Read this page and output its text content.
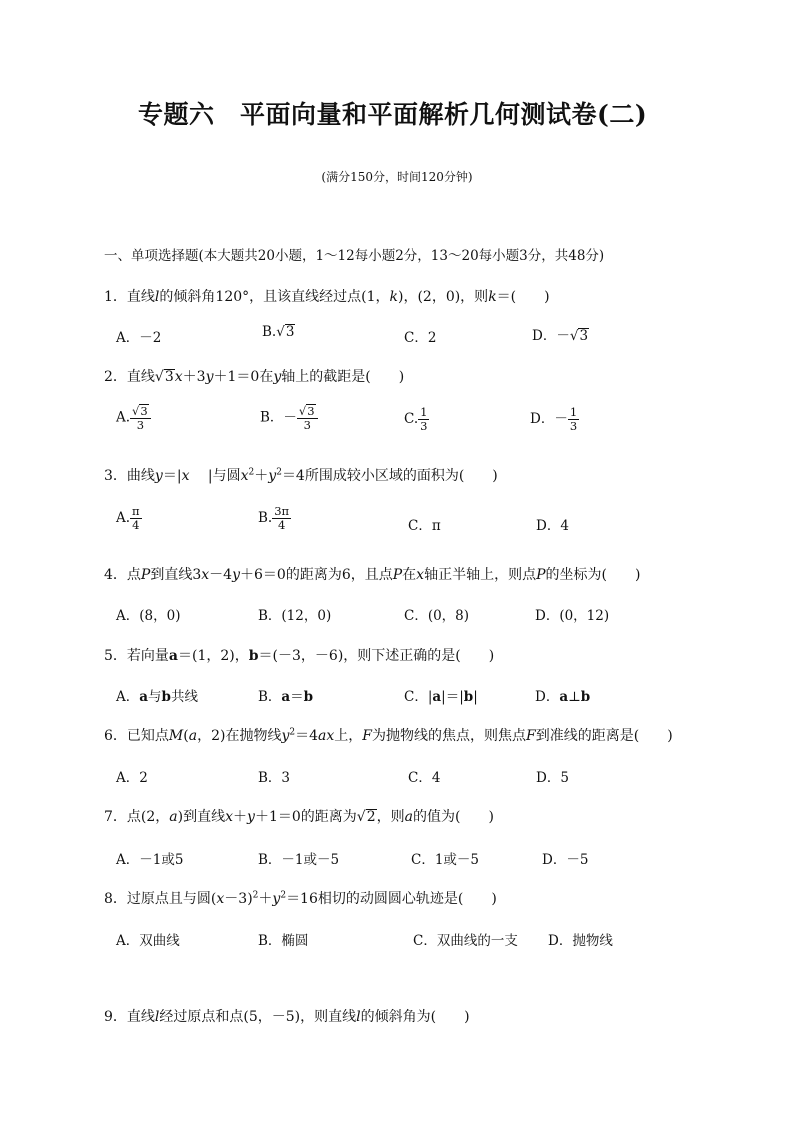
专题六　平面向量和平面解析几何测试卷(二)
(满分150分，时间120分钟)
一、单项选择题(本大题共20小题，1～12每小题2分，13～20每小题3分，共48分)
1．直线l的倾斜角120°，且该直线经过点(1，k)，(2，0)，则k＝(　　)
A．－2	B.√3	C．2	D．－√3
2．直线√3x＋3y＋1＝0在y轴上的截距是(　　)
A. $\frac{√3}{3}$	B．－ $\frac{√3}{3}$	C. $\frac{1}{3}$	D．－ $\frac{1}{3}$
3．曲线y＝|x　 |与圆$x^2+y^2=4$所围成较小区域的面积为(　　)
A. $\frac{\pi}{4}$	B. $\frac{3\pi}{4}$	C．π	D．4
4．点P到直线3x－4y＋6＝0的距离为6，且点P在x轴正半轴上，则点P的坐标为(　　)
A．(8，0)	B．(12，0)	C．(0，8)	D．(0，12)
5．若向量a＝(1，2)，b＝(－3，－6)，则下述正确的是(　　)
A．a与b共线	B．a＝b	C．|a|＝|b|	D．a⊥b
6．已知点M(a，2)在抛物线$y^2=4ax$上，F为抛物线的焦点，则焦点F到准线的距离是(　　)
A．2	B．3	C．4	D．5
7．点(2，a)到直线x＋y＋1＝0的距离为√2，则a的值为(　　)
A．－1或5	B．－1或－5	C．1或－5	D．－5
8．过原点且与圆$(x-3)^2+y^2=16$相切的动圆圆心轨迹是(　　)
A．双曲线	B．椭圆	C．双曲线的一支 D．抛物线
9．直线l经过原点和点(5，－5)，则直线l的倾斜角为(　　)
